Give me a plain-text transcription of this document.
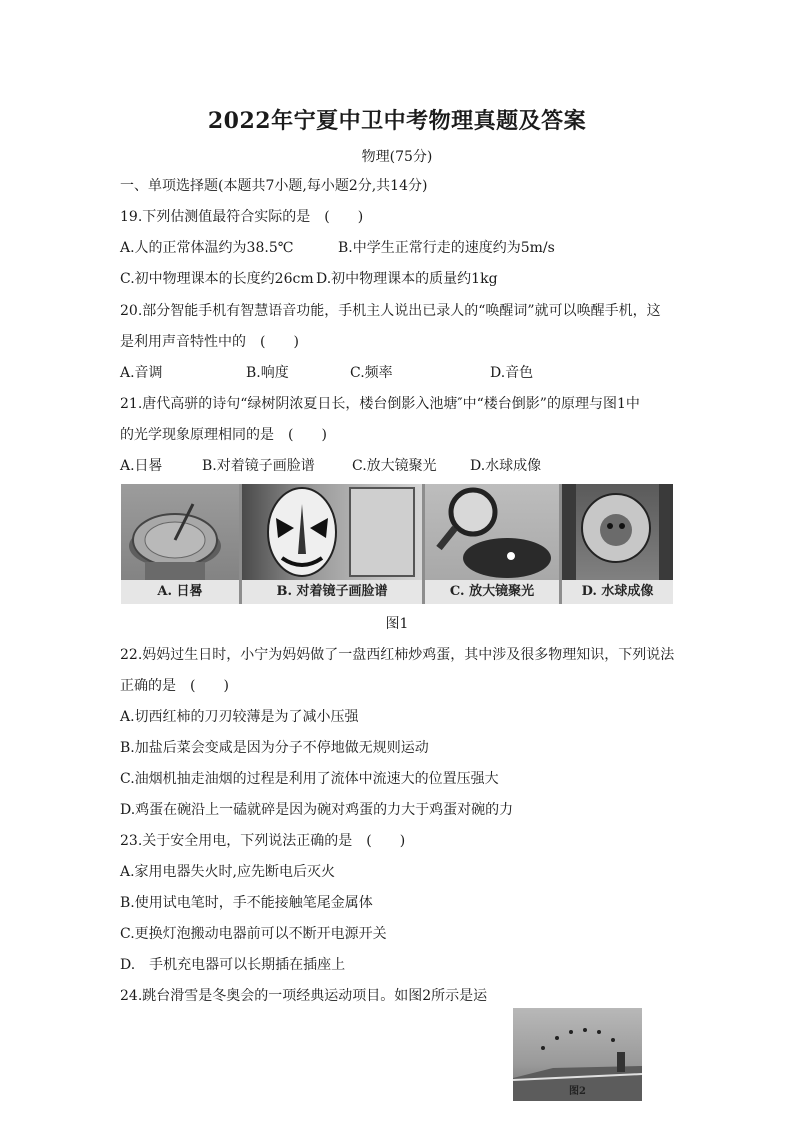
2022年宁夏中卫中考物理真题及答案
物理(75分)
一、单项选择题(本题共7小题,每小题2分,共14分)
19.下列估测值最符合实际的是　(　　)
A.人的正常体温约为38.5℃	B.中学生正常行走的速度约为5m/s
C.初中物理课本的长度约26cm D.初中物理课本的质量约1kg
20.部分智能手机有智慧语音功能，手机主人说出已录人的“唤醒词”就可以唤醒手机，这
是利用声音特性中的　(　　)
A.音调	B.响度	C.频率	D.音色
21.唐代高骈的诗句“绿树阴浓夏日长，楼台倒影入池塘″中“楼台倒影”的原理与图1中
的光学现象原理相同的是　(　　)
A.日晷	B.对着镜子画脸谱	C.放大镜聚光 D.水球成像
A. 日晷	B. 对着镜子画脸谱	C. 放大镜聚光	D. 水球成像
图1
22.妈妈过生日时，小宁为妈妈做了一盘西红柿炒鸡蛋，其中涉及很多物理知识，下列说法
正确的是　(　　)
A.切西红柿的刀刃较薄是为了减小压强
B.加盐后菜会变咸是因为分子不停地做无规则运动
C.油烟机抽走油烟的过程是利用了流体中流速大的位置压强大
D.鸡蛋在碗沿上一磕就碎是因为碗对鸡蛋的力大于鸡蛋对碗的力
23.关于安全用电，下列说法正确的是　(　　)
A.家用电器失火时,应先断电后灭火
B.使用试电笔时，手不能接触笔尾金属体
C.更换灯泡搬动电器前可以不断开电源开关
D.　手机充电器可以长期插在插座上
24.跳台滑雪是冬奥会的一项经典运动项目。如图2所示是运
图2
